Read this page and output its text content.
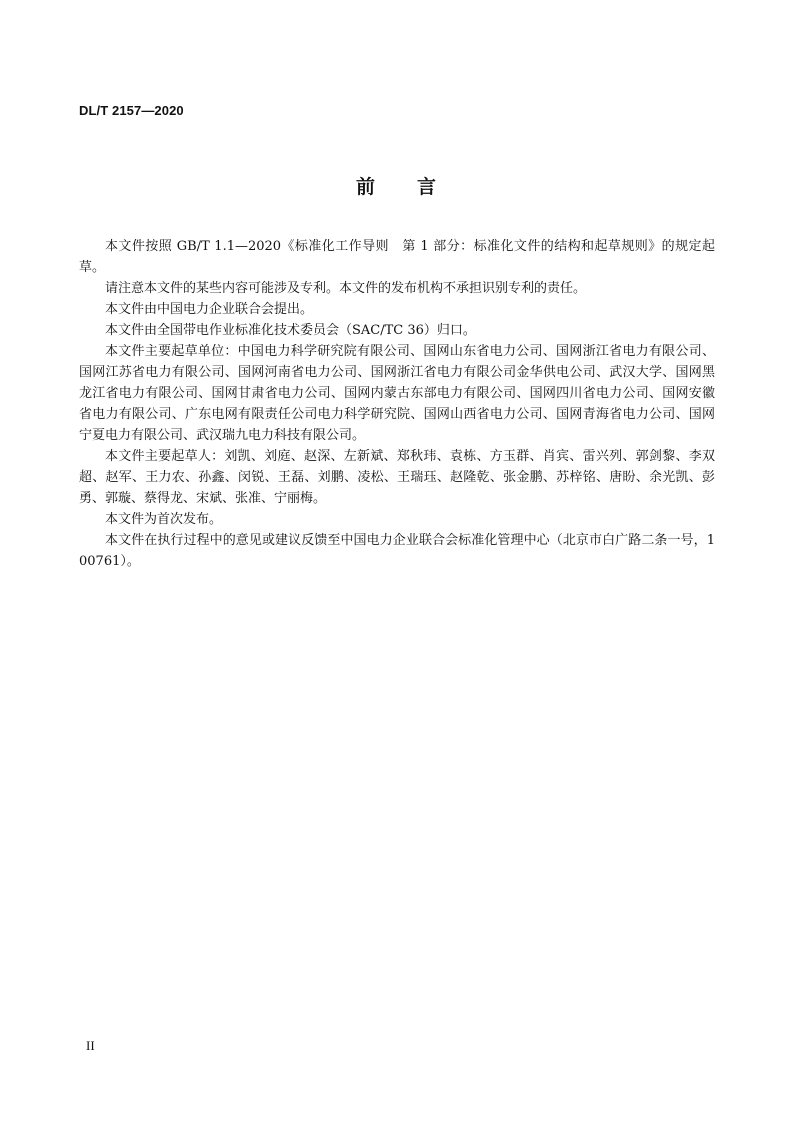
DL/T 2157—2020
前 言

本文件按照 GB/T 1.1—2020《标准化工作导则　第 1 部分：标准化文件的结构和起草规则》的规定起草。

请注意本文件的某些内容可能涉及专利。本文件的发布机构不承担识别专利的责任。

本文件由中国电力企业联合会提出。

本文件由全国带电作业标准化技术委员会（SAC/TC 36）归口。

本文件主要起草单位：中国电力科学研究院有限公司、国网山东省电力公司、国网浙江省电力有限公司、国网江苏省电力有限公司、国网河南省电力公司、国网浙江省电力有限公司金华供电公司、武汉大学、国网黑龙江省电力有限公司、国网甘肃省电力公司、国网内蒙古东部电力有限公司、国网四川省电力公司、国网安徽省电力有限公司、广东电网有限责任公司电力科学研究院、国网山西省电力公司、国网青海省电力公司、国网宁夏电力有限公司、武汉瑞九电力科技有限公司。

本文件主要起草人：刘凯、刘庭、赵深、左新斌、郑秋玮、袁栋、方玉群、肖宾、雷兴列、郭剑黎、李双超、赵军、王力农、孙鑫、闵锐、王磊、刘鹏、凌松、王瑞珏、赵隆乾、张金鹏、苏梓铭、唐盼、余光凯、彭勇、郭璇、蔡得龙、宋斌、张准、宁丽梅。

本文件为首次发布。

本文件在执行过程中的意见或建议反馈至中国电力企业联合会标准化管理中心（北京市白广路二条一号，100761）。

II
